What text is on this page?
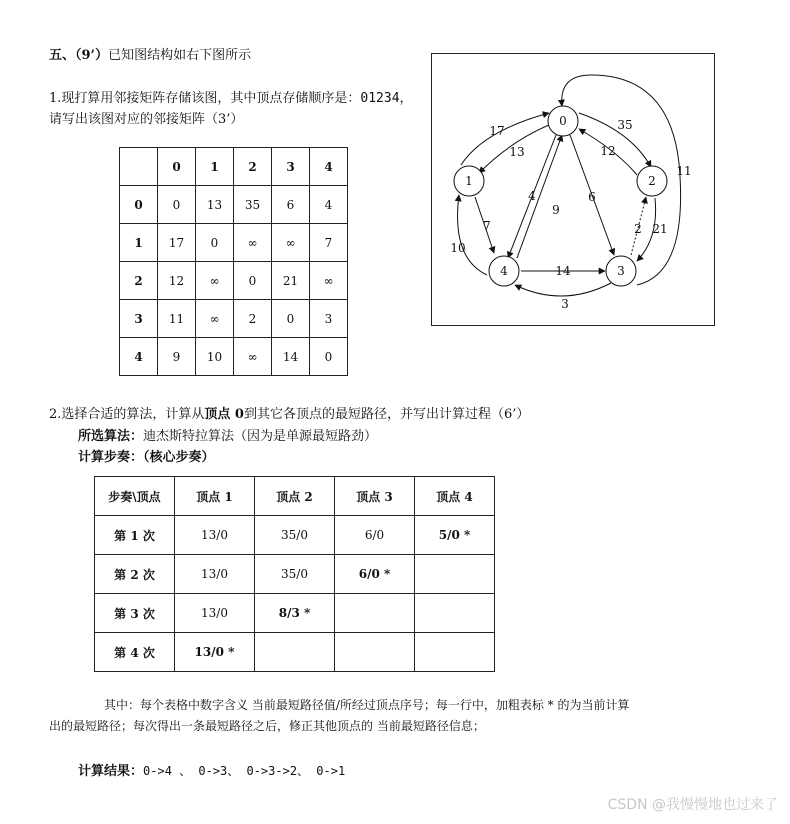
五、（9’）已知图结构如右下图所示
1.现打算用邻接矩阵存储该图，其中顶点存储顺序是：01234，
请写出该图对应的邻接矩阵（3’）
	0	1	2	3	4
0	0	13	35	6	4
1	17	0	∞	∞	7
2	12	∞	0	21	∞
3	11	∞	2	0	3
4	9	10	∞	14	0
0
1	2
3
4
17
13
35
12
11
4
9
6
7
10
2 21
14
3
2.选择合适的算法，计算从顶点 0到其它各顶点的最短路径，并写出计算过程（6’）
所选算法：迪杰斯特拉算法（因为是单源最短路劲）
计算步奏：（核心步奏）
步奏\顶点	顶点 1	顶点 2	顶点 3	顶点 4
第 1 次	13/0	35/0	6/0	5/0 *
第 2 次	13/0	35/0	6/0 *	
第 3 次	13/0	8/3 *		
第 4 次	13/0 *			
其中：每个表格中数字含义 当前最短路径值/所经过顶点序号；每一行中，加粗表标 * 的为当前计算
出的最短路径；每次得出一条最短路径之后，修正其他顶点的 当前最短路径信息；
计算结果：0->4 、 0->3、 0->3->2、 0->1
CSDN @我慢慢地也过来了
